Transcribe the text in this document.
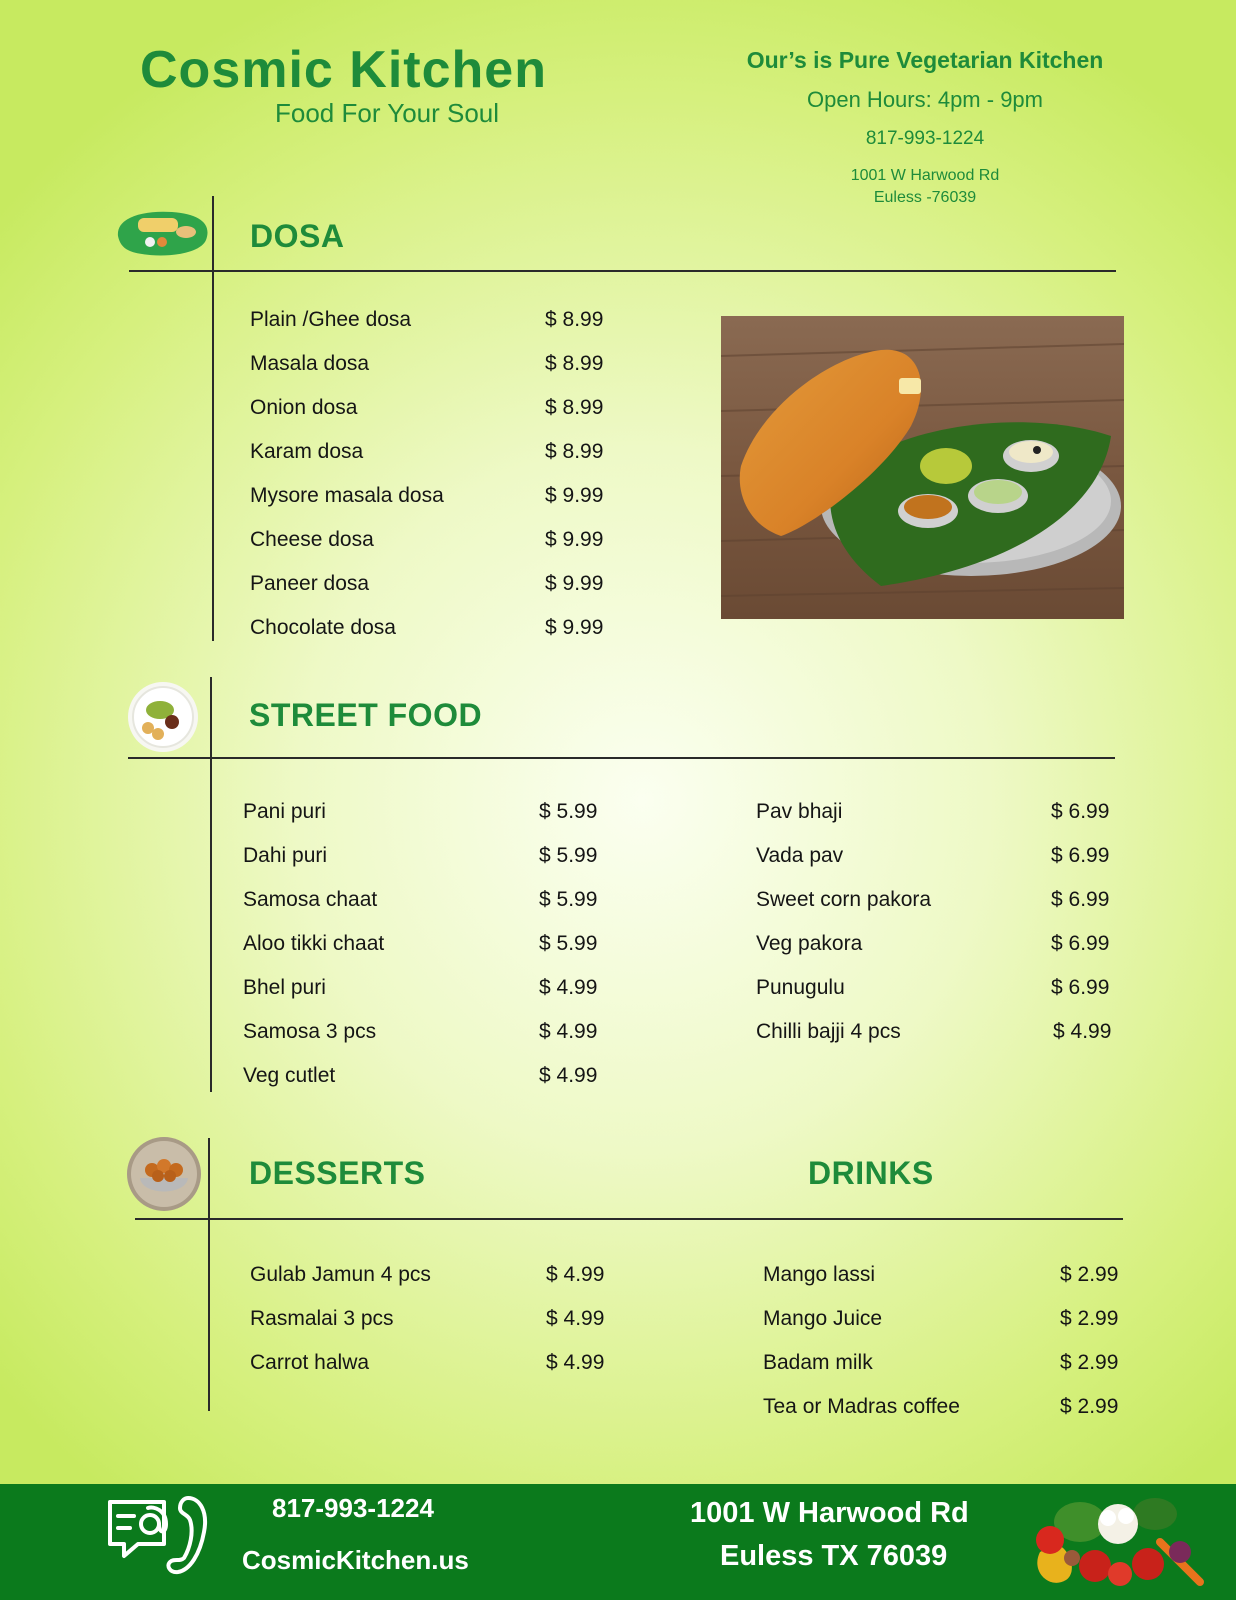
Cosmic Kitchen
Food For Your Soul
Our’s is Pure Vegetarian Kitchen
Open Hours: 4pm - 9pm
817-993-1224
1001 W Harwood Rd
Euless -76039
DOSA
Plain /Ghee dosa	$ 8.99
Masala dosa	$ 8.99
Onion dosa	$ 8.99
Karam dosa	$ 8.99
Mysore masala dosa	$ 9.99
Cheese dosa	$ 9.99
Paneer dosa	$ 9.99
Chocolate dosa	$ 9.99
STREET FOOD
Pani puri	$ 5.99
Dahi puri	$ 5.99
Samosa chaat	$ 5.99
Aloo tikki chaat	$ 5.99
Bhel puri	$ 4.99
Samosa 3 pcs	$ 4.99
Veg cutlet	$ 4.99
Pav bhaji	$ 6.99
Vada pav	$ 6.99
Sweet corn pakora	$ 6.99
Veg pakora	$ 6.99
Punugulu	$ 6.99
Chilli bajji 4 pcs	$ 4.99
DESSERTS	DRINKS
Gulab Jamun 4 pcs	$ 4.99
Rasmalai 3 pcs	$ 4.99
Carrot halwa	$ 4.99
Mango lassi	$ 2.99
Mango Juice	$ 2.99
Badam milk	$ 2.99
Tea or Madras coffee	$ 2.99
817-993-1224
CosmicKitchen.us
1001 W Harwood Rd
Euless TX 76039
